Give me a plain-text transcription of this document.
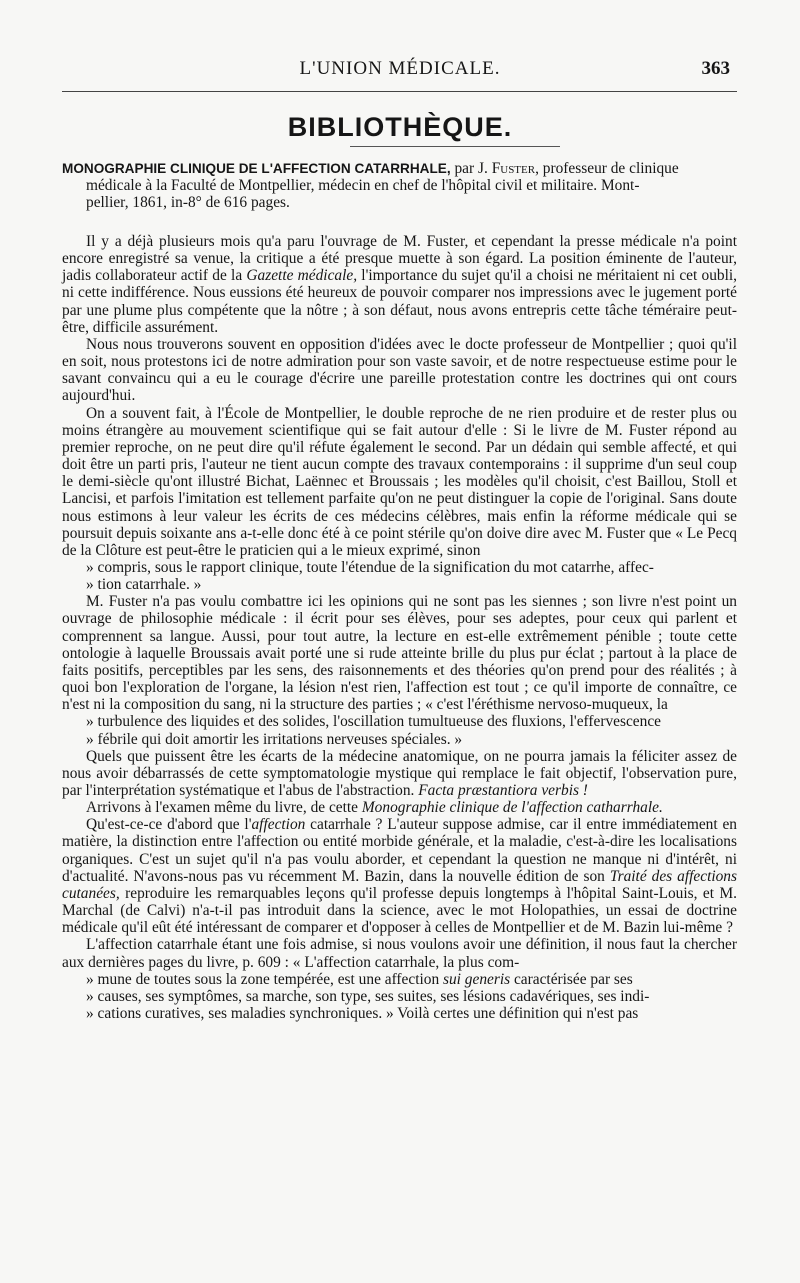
L'UNION MÉDICALE.	363
BIBLIOTHÈQUE.
MONOGRAPHIE CLINIQUE DE L'AFFECTION CATARRHALE, par J. Fuster, professeur de clinique
médicale à la Faculté de Montpellier, médecin en chef de l'hôpital civil et militaire. Mont-
pellier, 1861, in-8° de 616 pages.

Il y a déjà plusieurs mois qu'a paru l'ouvrage de M. Fuster, et cependant la presse médicale n'a point encore enregistré sa venue, la critique a été presque muette à son égard. La position éminente de l'auteur, jadis collaborateur actif de la Gazette médicale, l'importance du sujet qu'il a choisi ne méritaient ni cet oubli, ni cette indifférence. Nous eussions été heureux de pouvoir comparer nos impressions avec le jugement porté par une plume plus compétente que la nôtre ; à son défaut, nous avons entrepris cette tâche téméraire peut-être, difficile assurément.

Nous nous trouverons souvent en opposition d'idées avec le docte professeur de Montpellier ; quoi qu'il en soit, nous protestons ici de notre admiration pour son vaste savoir, et de notre respectueuse estime pour le savant convaincu qui a eu le courage d'écrire une pareille protestation contre les doctrines qui ont cours aujourd'hui.

On a souvent fait, à l'École de Montpellier, le double reproche de ne rien produire et de rester plus ou moins étrangère au mouvement scientifique qui se fait autour d'elle : Si le livre de M. Fuster répond au premier reproche, on ne peut dire qu'il réfute également le second. Par un dédain qui semble affecté, et qui doit être un parti pris, l'auteur ne tient aucun compte des travaux contemporains : il supprime d'un seul coup le demi-siècle qu'ont illustré Bichat, Laënnec et Broussais ; les modèles qu'il choisit, c'est Baillou, Stoll et Lancisi, et parfois l'imitation est tellement parfaite qu'on ne peut distinguer la copie de l'original. Sans doute nous estimons à leur valeur les écrits de ces médecins célèbres, mais enfin la réforme médicale qui se poursuit depuis soixante ans a-t-elle donc été à ce point stérile qu'on doive dire avec M. Fuster que « Le Pecq de la Clôture est peut-être le praticien qui a le mieux exprimé, sinon
» compris, sous le rapport clinique, toute l'étendue de la signification du mot catarrhe, affec-
» tion catarrhale. »

M. Fuster n'a pas voulu combattre ici les opinions qui ne sont pas les siennes ; son livre n'est point un ouvrage de philosophie médicale : il écrit pour ses élèves, pour ses adeptes, pour ceux qui parlent et comprennent sa langue. Aussi, pour tout autre, la lecture en est-elle extrêmement pénible ; toute cette ontologie à laquelle Broussais avait porté une si rude atteinte brille du plus pur éclat ; partout à la place de faits positifs, perceptibles par les sens, des raisonnements et des théories qu'on prend pour des réalités ; à quoi bon l'exploration de l'organe, la lésion n'est rien, l'affection est tout ; ce qu'il importe de connaître, ce n'est ni la composition du sang, ni la structure des parties ; « c'est l'éréthisme nervoso-muqueux, la
» turbulence des liquides et des solides, l'oscillation tumultueuse des fluxions, l'effervescence
» fébrile qui doit amortir les irritations nerveuses spéciales. »

Quels que puissent être les écarts de la médecine anatomique, on ne pourra jamais la féliciter assez de nous avoir débarrassés de cette symptomatologie mystique qui remplace le fait objectif, l'observation pure, par l'interprétation systématique et l'abus de l'abstraction. Facta præstantiora verbis !

Arrivons à l'examen même du livre, de cette Monographie clinique de l'affection catharrhale.

Qu'est-ce-ce d'abord que l'affection catarrhale ? L'auteur suppose admise, car il entre immédiatement en matière, la distinction entre l'affection ou entité morbide générale, et la maladie, c'est-à-dire les localisations organiques. C'est un sujet qu'il n'a pas voulu aborder, et cependant la question ne manque ni d'intérêt, ni d'actualité. N'avons-nous pas vu récemment M. Bazin, dans la nouvelle édition de son Traité des affections cutanées, reproduire les remarquables leçons qu'il professe depuis longtemps à l'hôpital Saint-Louis, et M. Marchal (de Calvi) n'a-t-il pas introduit dans la science, avec le mot Holopathies, un essai de doctrine médicale qu'il eût été intéressant de comparer et d'opposer à celles de Montpellier et de M. Bazin lui-même ?

L'affection catarrhale étant une fois admise, si nous voulons avoir une définition, il nous faut la chercher aux dernières pages du livre, p. 609 : « L'affection catarrhale, la plus com-
» mune de toutes sous la zone tempérée, est une affection sui generis caractérisée par ses
» causes, ses symptômes, sa marche, son type, ses suites, ses lésions cadavériques, ses indi-
» cations curatives, ses maladies synchroniques. » Voilà certes une définition qui n'est pas
